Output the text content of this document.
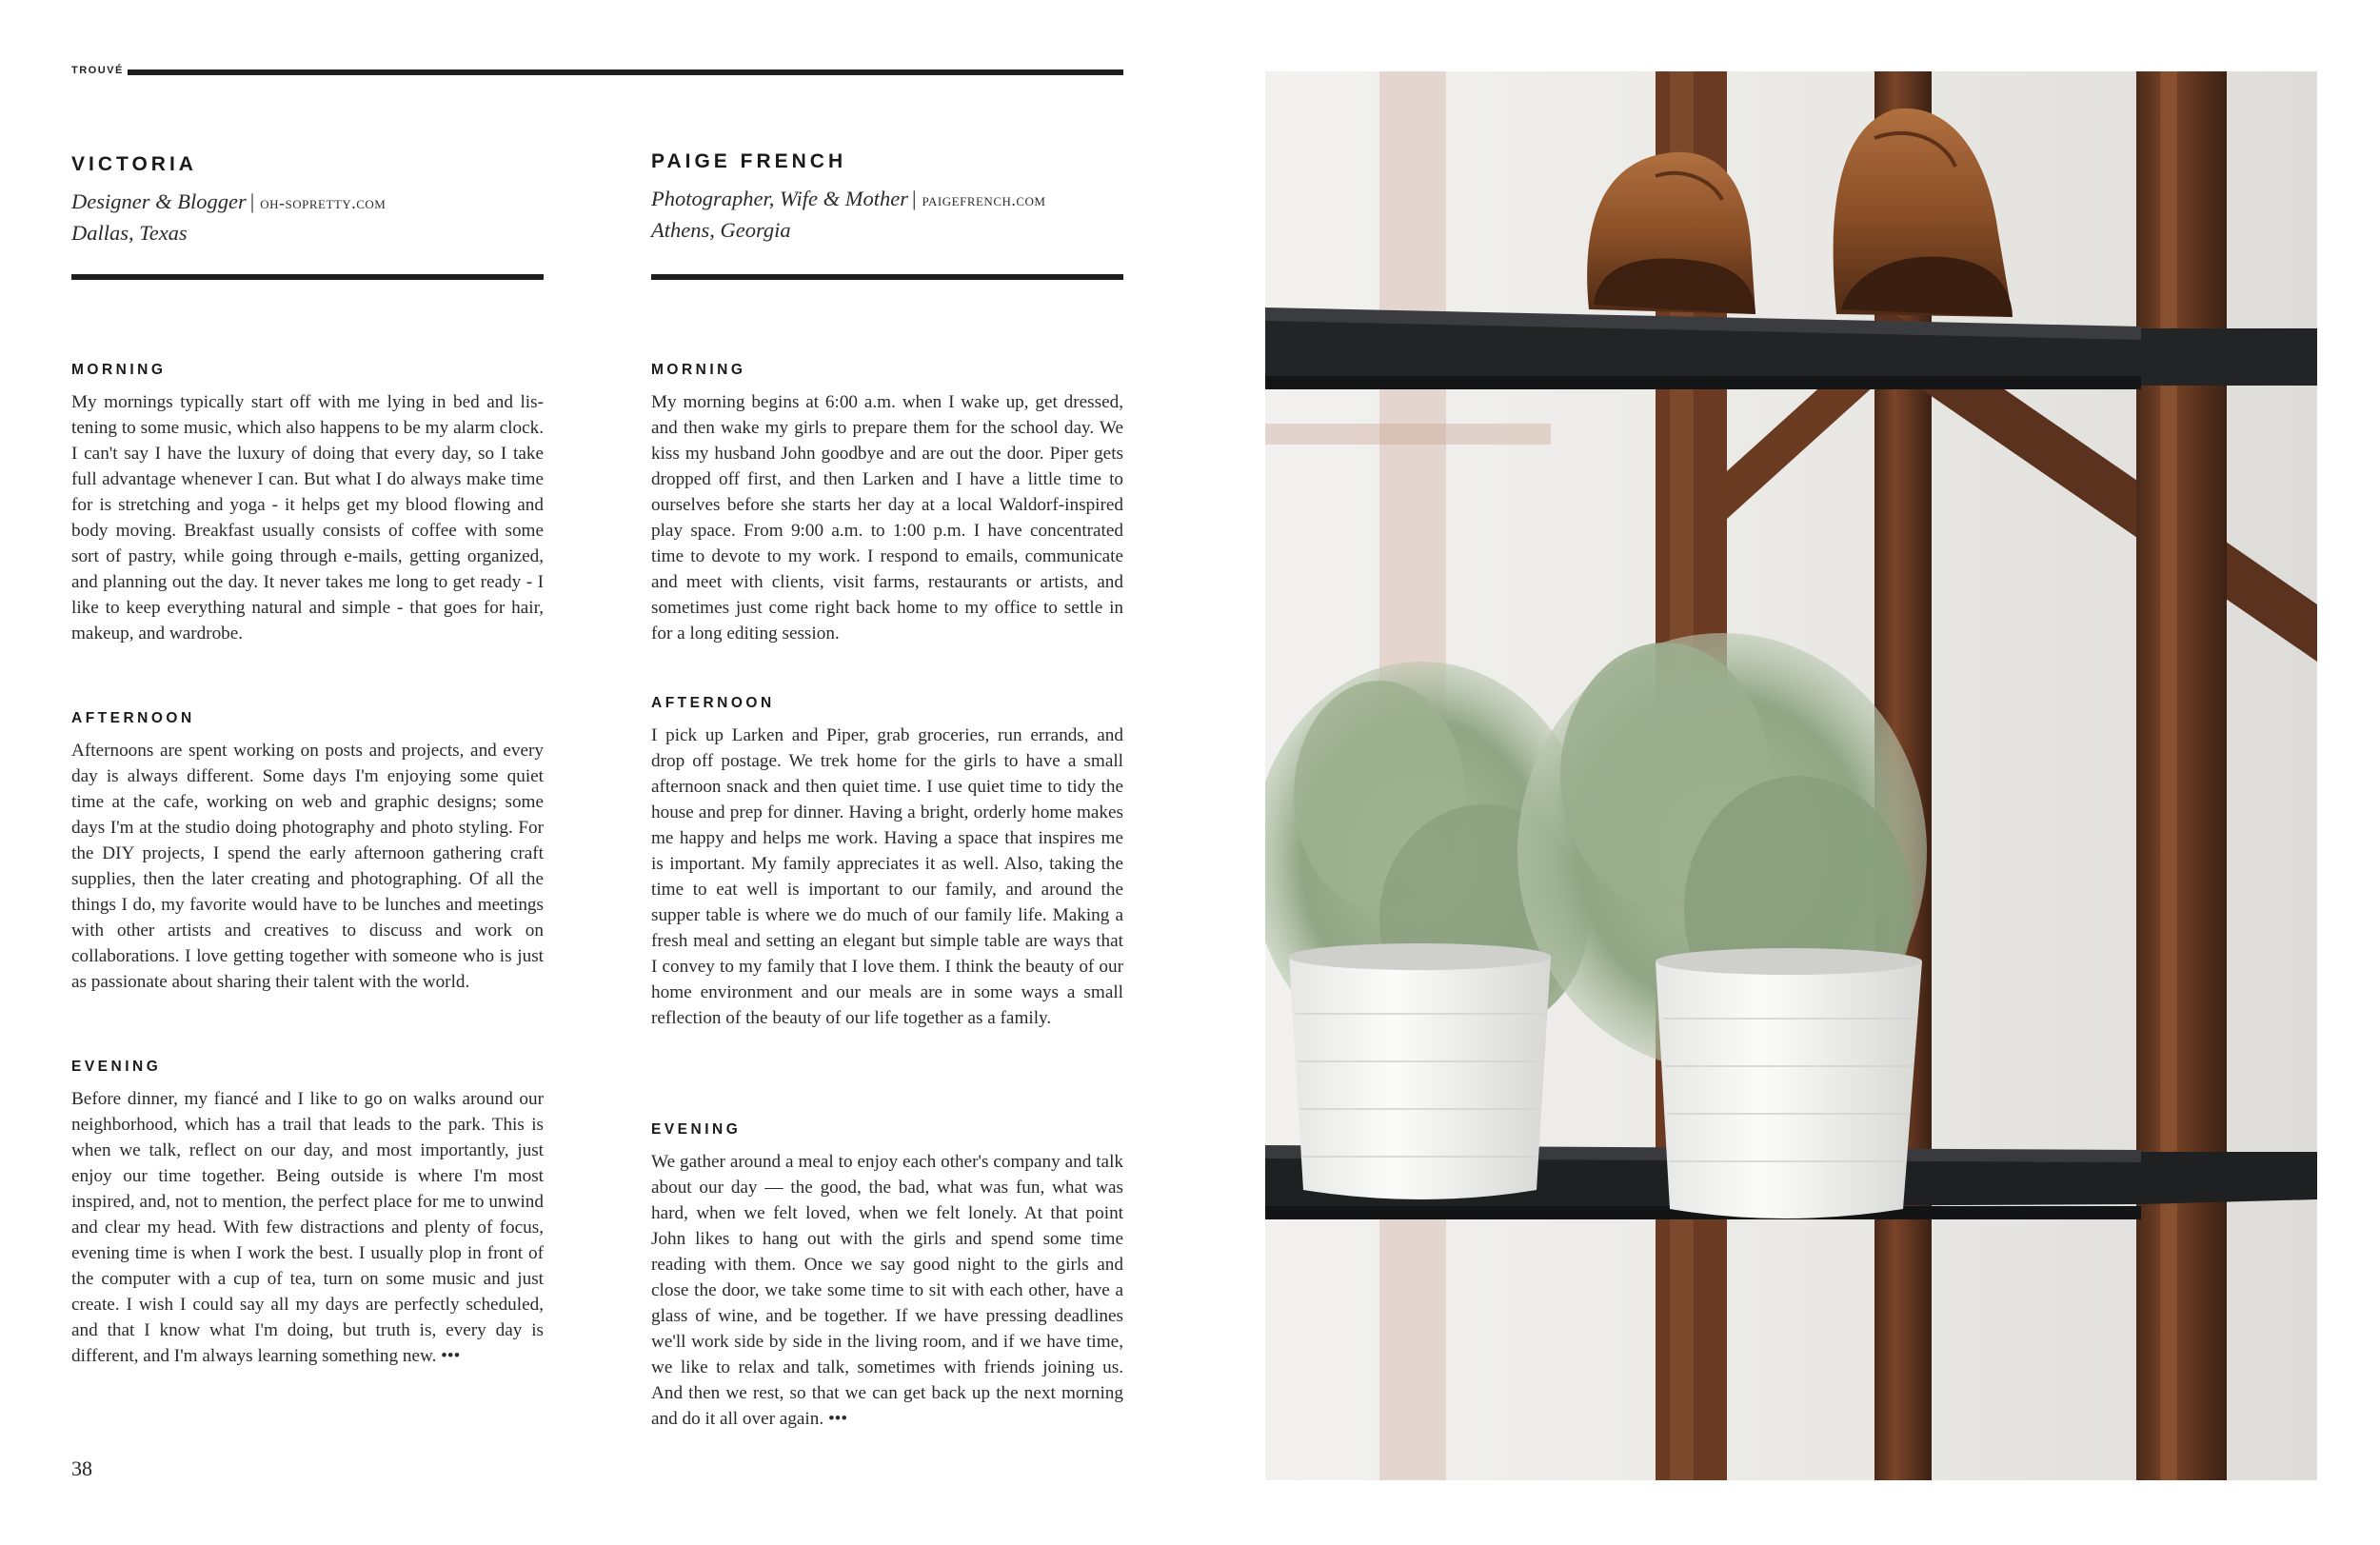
TROUVÉ
VICTORIA
Designer & Blogger | oh-sopretty.com
Dallas, Texas
MORNING

My mornings typically start off with me lying in bed and listening to some music, which also happens to be my alarm clock. I can't say I have the luxury of doing that every day, so I take full advantage whenever I can. But what I do always make time for is stretching and yoga - it helps get my blood flowing and body moving. Breakfast usually consists of coffee with some sort of pastry, while going through e-mails, getting organized, and planning out the day. It never takes me long to get ready - I like to keep everything natural and simple - that goes for hair, makeup, and wardrobe.

AFTERNOON

Afternoons are spent working on posts and projects, and every day is always different. Some days I'm enjoying some quiet time at the cafe, working on web and graphic designs; some days I'm at the studio doing photography and photo styling. For the DIY projects, I spend the early afternoon gathering craft supplies, then the later creating and photographing. Of all the things I do, my favorite would have to be lunches and meetings with other artists and creatives to discuss and work on collaborations. I love getting together with someone who is just as passionate about sharing their talent with the world.

EVENING

Before dinner, my fiancé and I like to go on walks around our neighborhood, which has a trail that leads to the park. This is when we talk, reflect on our day, and most importantly, just enjoy our time together. Being outside is where I'm most inspired, and, not to mention, the perfect place for me to unwind and clear my head. With few distractions and plenty of focus, evening time is when I work the best. I usually plop in front of the computer with a cup of tea, turn on some music and just create. I wish I could say all my days are perfectly scheduled, and that I know what I'm doing, but truth is, every day is different, and I'm always learning something new. •••

PAIGE FRENCH
Photographer, Wife & Mother | paigefrench.com
Athens, Georgia
MORNING

My morning begins at 6:00 a.m. when I wake up, get dressed, and then wake my girls to prepare them for the school day. We kiss my husband John goodbye and are out the door. Piper gets dropped off first, and then Larken and I have a little time to ourselves before she starts her day at a local Waldorf-inspired play space. From 9:00 a.m. to 1:00 p.m. I have concentrated time to devote to my work. I respond to emails, communicate and meet with clients, visit farms, restaurants or artists, and sometimes just come right back home to my office to settle in for a long editing session.

AFTERNOON

I pick up Larken and Piper, grab groceries, run errands, and drop off postage. We trek home for the girls to have a small afternoon snack and then quiet time. I use quiet time to tidy the house and prep for dinner. Having a bright, orderly home makes me happy and helps me work. Having a space that inspires me is important. My family appreciates it as well. Also, taking the time to eat well is important to our family, and around the supper table is where we do much of our family life. Making a fresh meal and setting an elegant but simple table are ways that I convey to my family that I love them. I think the beauty of our home environment and our meals are in some ways a small reflection of the beauty of our life together as a family.

EVENING

We gather around a meal to enjoy each other's company and talk about our day — the good, the bad, what was fun, what was hard, when we felt loved, when we felt lonely. At that point John likes to hang out with the girls and spend some time reading with them. Once we say good night to the girls and close the door, we take some time to sit with each other, have a glass of wine, and be together. If we have pressing deadlines we'll work side by side in the living room, and if we have time, we like to relax and talk, sometimes with friends joining us. And then we rest, so that we can get back up the next morning and do it all over again. •••

38
